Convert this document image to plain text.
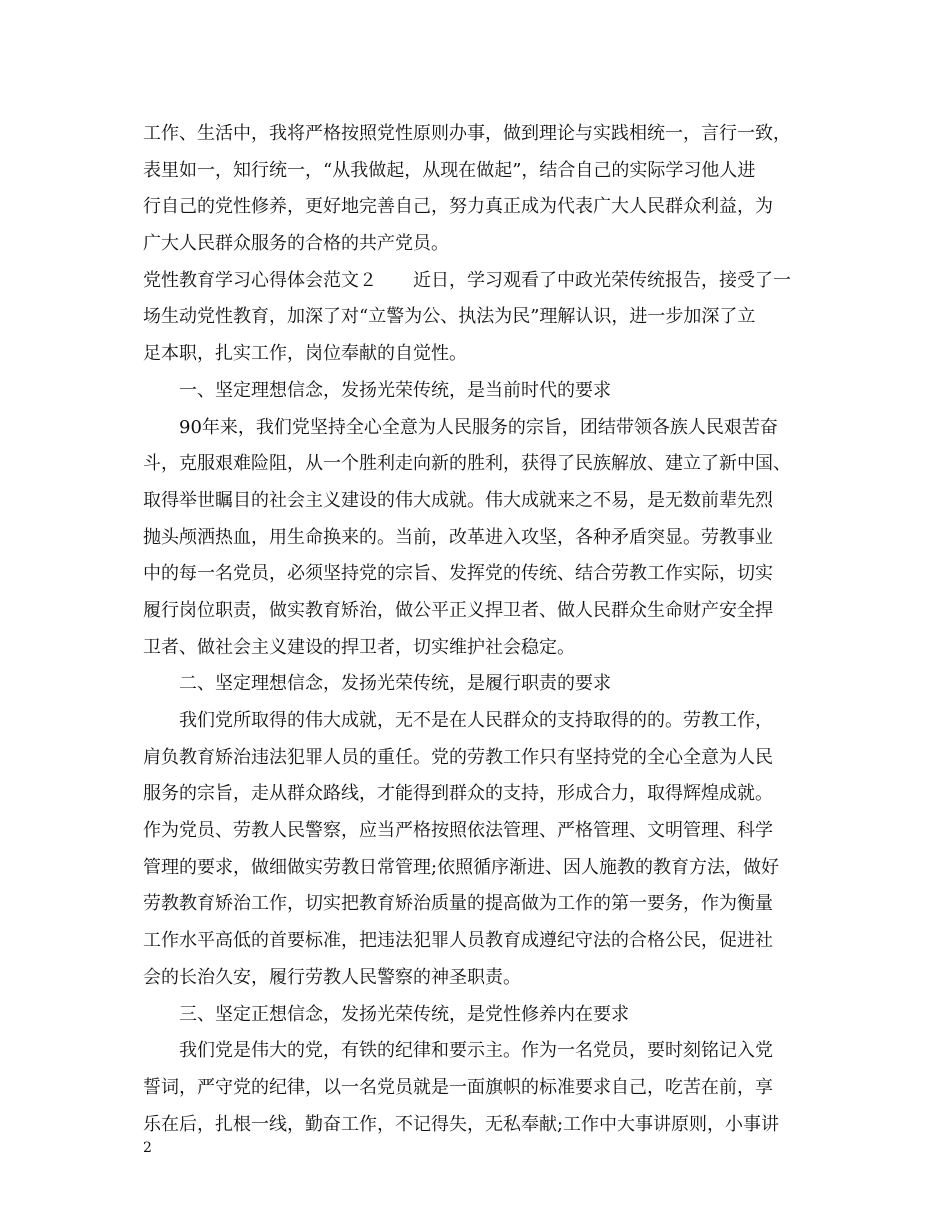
工作、生活中，我将严格按照党性原则办事，做到理论与实践相统一，言行一致，
表里如一，知行统一，“从我做起，从现在做起”，结合自己的实际学习他人进
行自己的党性修养，更好地完善自己，努力真正成为代表广大人民群众利益，为
广大人民群众服务的合格的共产党员。
党性教育学习心得体会范文２　　近日，学习观看了中政光荣传统报告，接受了一
场生动党性教育，加深了对“立警为公、执法为民”理解认识，进一步加深了立
足本职，扎实工作，岗位奉献的自觉性。
一、坚定理想信念，发扬光荣传统，是当前时代的要求
90年来，我们党坚持全心全意为人民服务的宗旨，团结带领各族人民艰苦奋
斗，克服艰难险阻，从一个胜利走向新的胜利，获得了民族解放、建立了新中国、
取得举世瞩目的社会主义建设的伟大成就。伟大成就来之不易，是无数前辈先烈
抛头颅洒热血，用生命换来的。当前，改革进入攻坚，各种矛盾突显。劳教事业
中的每一名党员，必须坚持党的宗旨、发挥党的传统、结合劳教工作实际，切实
履行岗位职责，做实教育矫治，做公平正义捍卫者、做人民群众生命财产安全捍
卫者、做社会主义建设的捍卫者，切实维护社会稳定。
二、坚定理想信念，发扬光荣传统，是履行职责的要求
我们党所取得的伟大成就，无不是在人民群众的支持取得的的。劳教工作，
肩负教育矫治违法犯罪人员的重任。党的劳教工作只有坚持党的全心全意为人民
服务的宗旨，走从群众路线，才能得到群众的支持，形成合力，取得辉煌成就。
作为党员、劳教人民警察，应当严格按照依法管理、严格管理、文明管理、科学
管理的要求，做细做实劳教日常管理;依照循序渐进、因人施教的教育方法，做好
劳教教育矫治工作，切实把教育矫治质量的提高做为工作的第一要务，作为衡量
工作水平高低的首要标准，把违法犯罪人员教育成遵纪守法的合格公民，促进社
会的长治久安，履行劳教人民警察的神圣职责。
三、坚定正想信念，发扬光荣传统，是党性修养内在要求
我们党是伟大的党，有铁的纪律和要示主。作为一名党员，要时刻铭记入党
誓词，严守党的纪律，以一名党员就是一面旗帜的标准要求自己，吃苦在前，享
乐在后，扎根一线，勤奋工作，不记得失，无私奉献;工作中大事讲原则，小事讲
2
